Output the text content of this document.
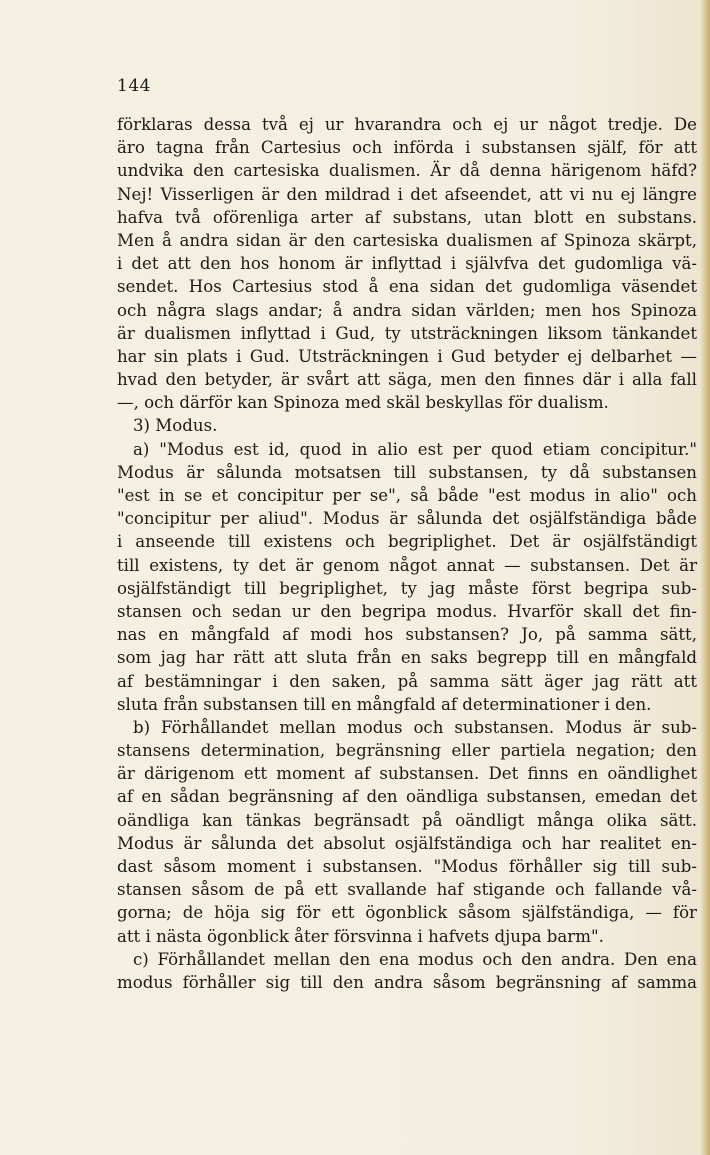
144
förklaras dessa två ej ur hvarandra och ej ur något tredje. De
äro tagna från Cartesius och införda i substansen själf, för att
undvika den cartesiska dualismen. Är då denna härigenom häfd?
Nej! Visserligen är den mildrad i det afseendet, att vi nu ej längre
hafva två oförenliga arter af substans, utan blott en substans.
Men å andra sidan är den cartesiska dualismen af Spinoza skärpt,
i det att den hos honom är inflyttad i självfva det gudomliga vä-
sendet. Hos Cartesius stod å ena sidan det gudomliga väsendet
och några slags andar; å andra sidan världen; men hos Spinoza
är dualismen inflyttad i Gud, ty utsträckningen liksom tänkandet
har sin plats i Gud. Utsträckningen i Gud betyder ej delbarhet —
hvad den betyder, är svårt att säga, men den finnes där i alla fall
—, och därför kan Spinoza med skäl beskyllas för dualism.
3) Modus.
a) "Modus est id, quod in alio est per quod etiam concipitur."
Modus är sålunda motsatsen till substansen, ty då substansen
"est in se et concipitur per se", så både "est modus in alio" och
"concipitur per aliud". Modus är sålunda det osjälfständiga både
i anseende till existens och begriplighet. Det är osjälfständigt
till existens, ty det är genom något annat — substansen. Det är
osjälfständigt till begriplighet, ty jag måste först begripa sub-
stansen och sedan ur den begripa modus. Hvarför skall det fin-
nas en mångfald af modi hos substansen? Jo, på samma sätt,
som jag har rätt att sluta från en saks begrepp till en mångfald
af bestämningar i den saken, på samma sätt äger jag rätt att
sluta från substansen till en mångfald af determinationer i den.
b) Förhållandet mellan modus och substansen. Modus är sub-
stansens determination, begränsning eller partiela negation; den
är därigenom ett moment af substansen. Det finns en oändlighet
af en sådan begränsning af den oändliga substansen, emedan det
oändliga kan tänkas begränsadt på oändligt många olika sätt.
Modus är sålunda det absolut osjälfständiga och har realitet en-
dast såsom moment i substansen. "Modus förhåller sig till sub-
stansen såsom de på ett svallande haf stigande och fallande vå-
gorna; de höja sig för ett ögonblick såsom själfständiga, — för
att i nästa ögonblick åter försvinna i hafvets djupa barm".
c) Förhållandet mellan den ena modus och den andra. Den ena
modus förhåller sig till den andra såsom begränsning af samma
